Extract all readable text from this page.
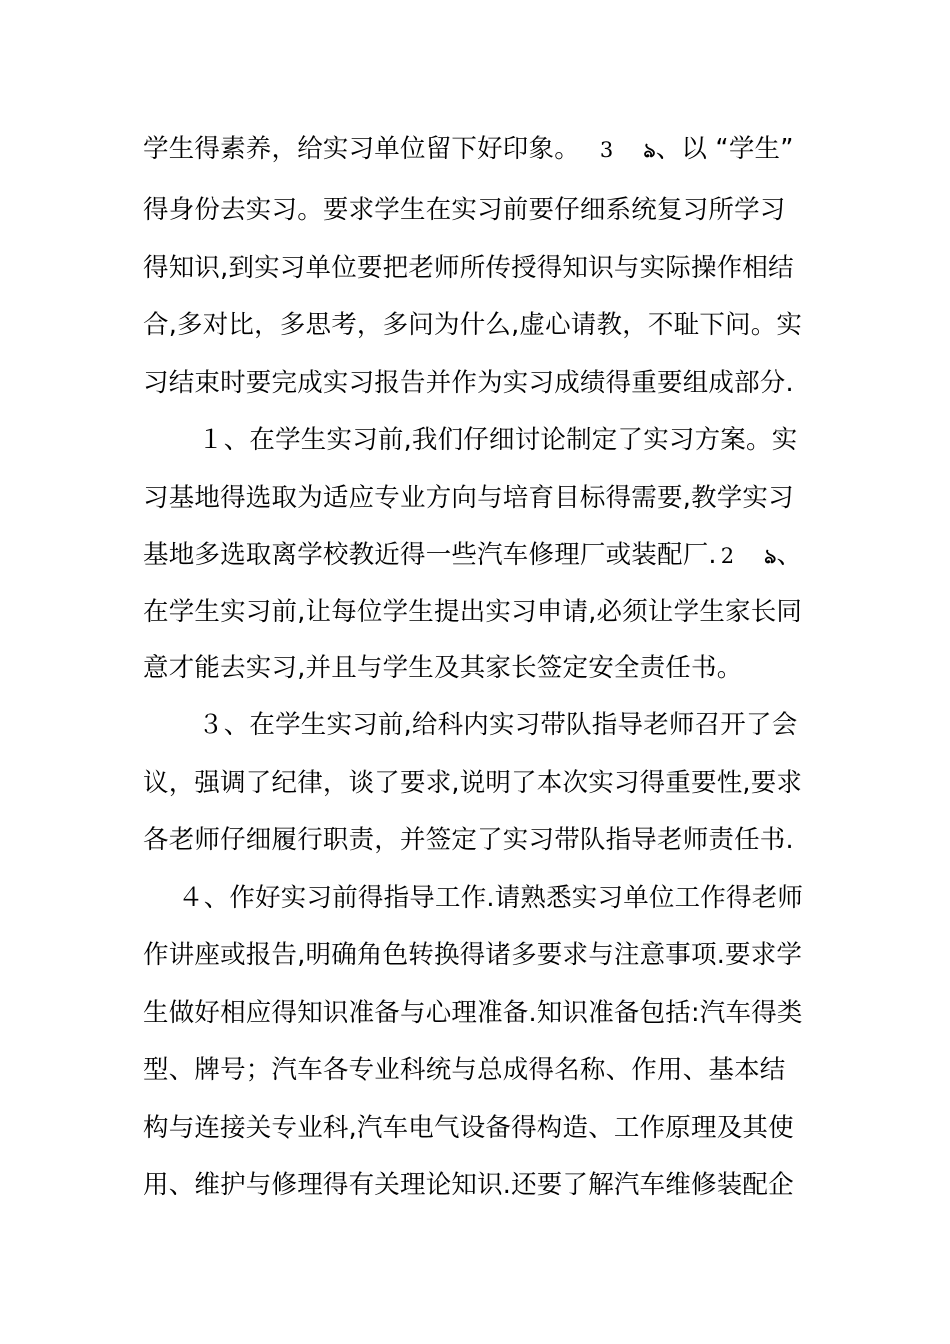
学生得素养，给实习单位留下好印象。 3 ঌ、以 “学生”
得身份去实习。要求学生在实习前要仔细系统复习所学习
得知识,到实习单位要把老师所传授得知识与实际操作相结
合,多对比，多思考，多问为什么,虚心请教，不耻下问。实
习结束时要完成实习报告并作为实习成绩得重要组成部分.
１、在学生实习前,我们仔细讨论制定了实习方案。实
习基地得选取为适应专业方向与培育目标得需要,教学实习
基地多选取离学校教近得一些汽车修理厂或装配厂. 2 ঌ、
在学生实习前,让每位学生提出实习申请,必须让学生家长同
意才能去实习,并且与学生及其家长签定安全责任书。
３、在学生实习前,给科内实习带队指导老师召开了会
议，强调了纪律，谈了要求,说明了本次实习得重要性,要求
各老师仔细履行职责，并签定了实习带队指导老师责任书.
４、作好实习前得指导工作.请熟悉实习单位工作得老师
作讲座或报告,明确角色转换得诸多要求与注意事项.要求学
生做好相应得知识准备与心理准备.知识准备包括:汽车得类
型、牌号；汽车各专业科统与总成得名称、作用、基本结
构与连接关专业科,汽车电气设备得构造、工作原理及其使
用、维护与修理得有关理论知识.还要了解汽车维修装配企
